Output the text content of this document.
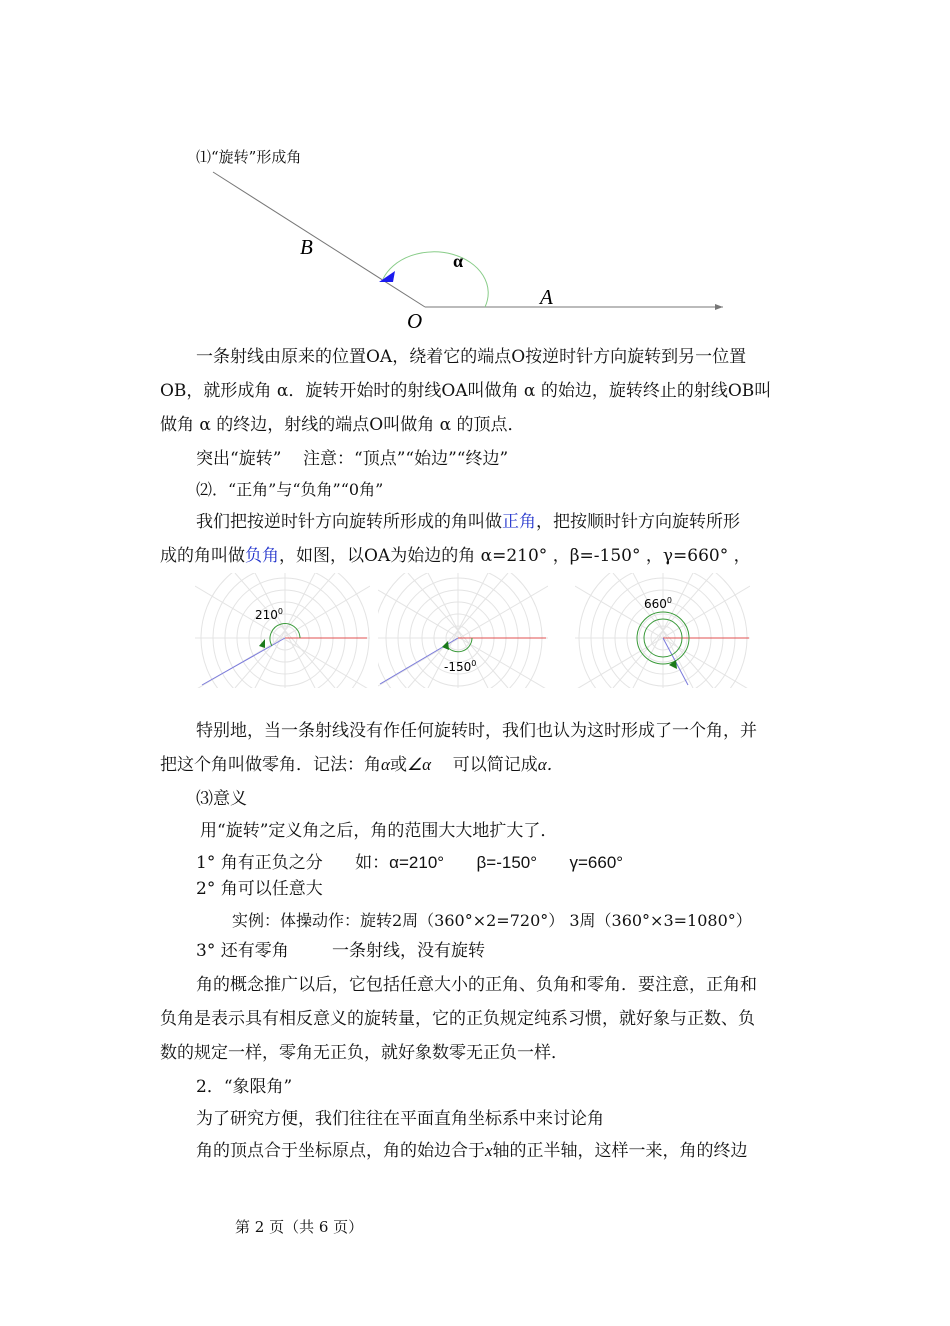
⑴“旋转”形成角
B
α
A
O
一条射线由原来的位置OA，绕着它的端点O按逆时针方向旋转到另一位置
OB，就形成角 α．旋转开始时的射线OA叫做角 α 的始边，旋转终止的射线OB叫
做角 α 的终边，射线的端点O叫做角 α 的顶点．
突出“旋转”    注意：“顶点”“始边”“终边”
⑵．“正角”与“负角”“0角”
我们把按逆时针方向旋转所形成的角叫做正角，把按顺时针方向旋转所形
成的角叫做负角，如图，以OA为始边的角 α=210° ，β=-150° ，γ=660° ，
$210^0$
$-150^0$
$660^0$
特别地，当一条射线没有作任何旋转时，我们也认为这时形成了一个角，并
把这个角叫做零角．记法：角α或∠α 可以简记成α．
⑶意义
用“旋转”定义角之后，角的范围大大地扩大了．
1° 角有正负之分      如：α=210° β=-150° γ=660°
2° 角可以任意大
实例：体操动作：旋转2周（360°×2=720°） 3周（360°×3=1080°）
3° 还有零角        一条射线，没有旋转
角的概念推广以后，它包括任意大小的正角、负角和零角．要注意，正角和
负角是表示具有相反意义的旋转量，它的正负规定纯系习惯，就好象与正数、负
数的规定一样，零角无正负，就好象数零无正负一样．
2．“象限角”
为了研究方便，我们往往在平面直角坐标系中来讨论角
角的顶点合于坐标原点，角的始边合于x轴的正半轴，这样一来，角的终边
第 2 页（共 6 页）
